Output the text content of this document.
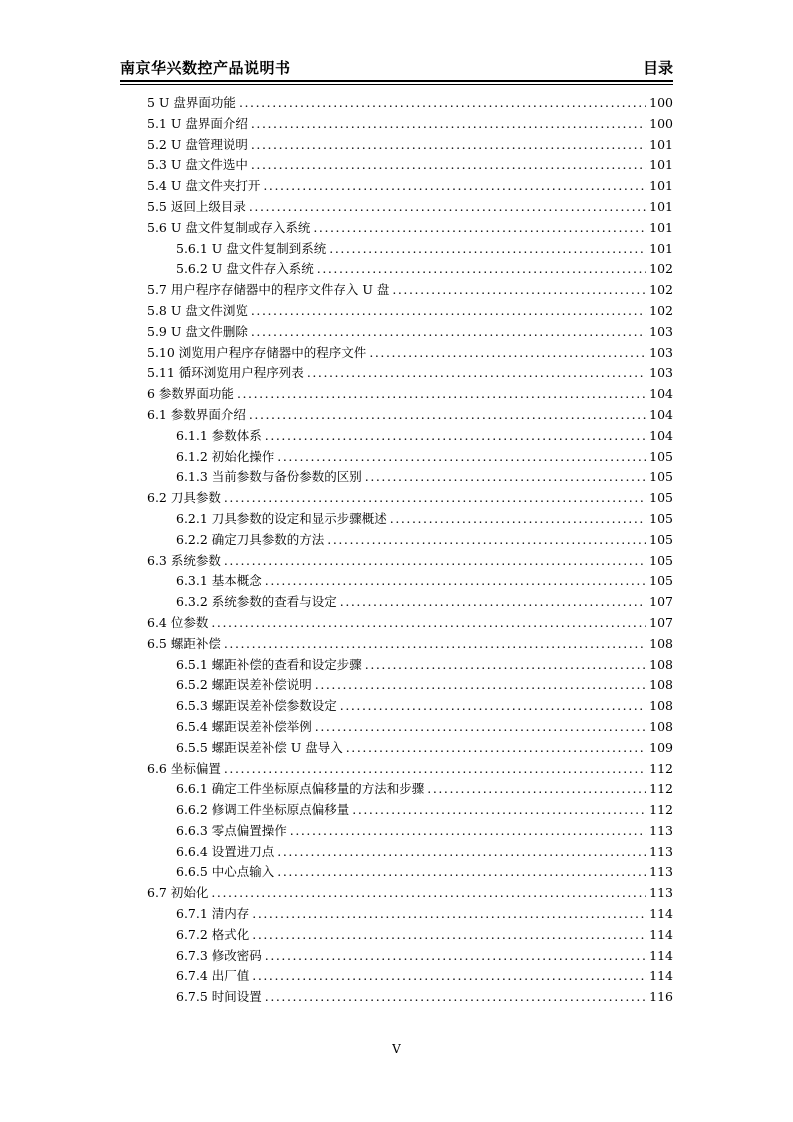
南京华兴数控产品说明书	目录
5 U 盘界面功能 . . .	100
5.1 U 盘界面介绍 . . .	100
5.2 U 盘管理说明 . . .	101
5.3 U 盘文件选中 . . .	101
5.4 U 盘文件夹打开 . . .	101
5.5 返回上级目录 . . .	101
5.6 U 盘文件复制或存入系统 . . .	101
5.6.1 U 盘文件复制到系统 . . .	101
5.6.2 U 盘文件存入系统 . . .	102
5.7 用户程序存储器中的程序文件存入 U 盘 . . .	102
5.8 U 盘文件浏览 . . .	102
5.9 U 盘文件删除 . . .	103
5.10 浏览用户程序存储器中的程序文件 . . .	103
5.11 循环浏览用户程序列表 . . .	103
6 参数界面功能 . . .	104
6.1 参数界面介绍 . . .	104
6.1.1 参数体系 . . .	104
6.1.2 初始化操作 . . .	105
6.1.3 当前参数与备份参数的区别 . . .	105
6.2 刀具参数 . . .	105
6.2.1 刀具参数的设定和显示步骤概述 . . .	105
6.2.2 确定刀具参数的方法 . . .	105
6.3 系统参数 . . .	105
6.3.1 基本概念 . . .	105
6.3.2 系统参数的查看与设定 . . .	107
6.4 位参数 . . .	107
6.5 螺距补偿 . . .	108
6.5.1 螺距补偿的查看和设定步骤 . . .	108
6.5.2 螺距误差补偿说明 . . .	108
6.5.3 螺距误差补偿参数设定 . . .	108
6.5.4 螺距误差补偿举例 . . .	108
6.5.5 螺距误差补偿 U 盘导入 . . .	109
6.6 坐标偏置 . . .	112
6.6.1 确定工件坐标原点偏移量的方法和步骤 . . .	112
6.6.2 修调工件坐标原点偏移量 . . .	112
6.6.3 零点偏置操作 . . .	113
6.6.4 设置进刀点 . . .	113
6.6.5 中心点输入 . . .	113
6.7 初始化 . . .	113
6.7.1 清内存 . . .	114
6.7.2 格式化 . . .	114
6.7.3 修改密码 . . .	114
6.7.4 出厂值 . . .	114
6.7.5 时间设置 . . .	116
V
